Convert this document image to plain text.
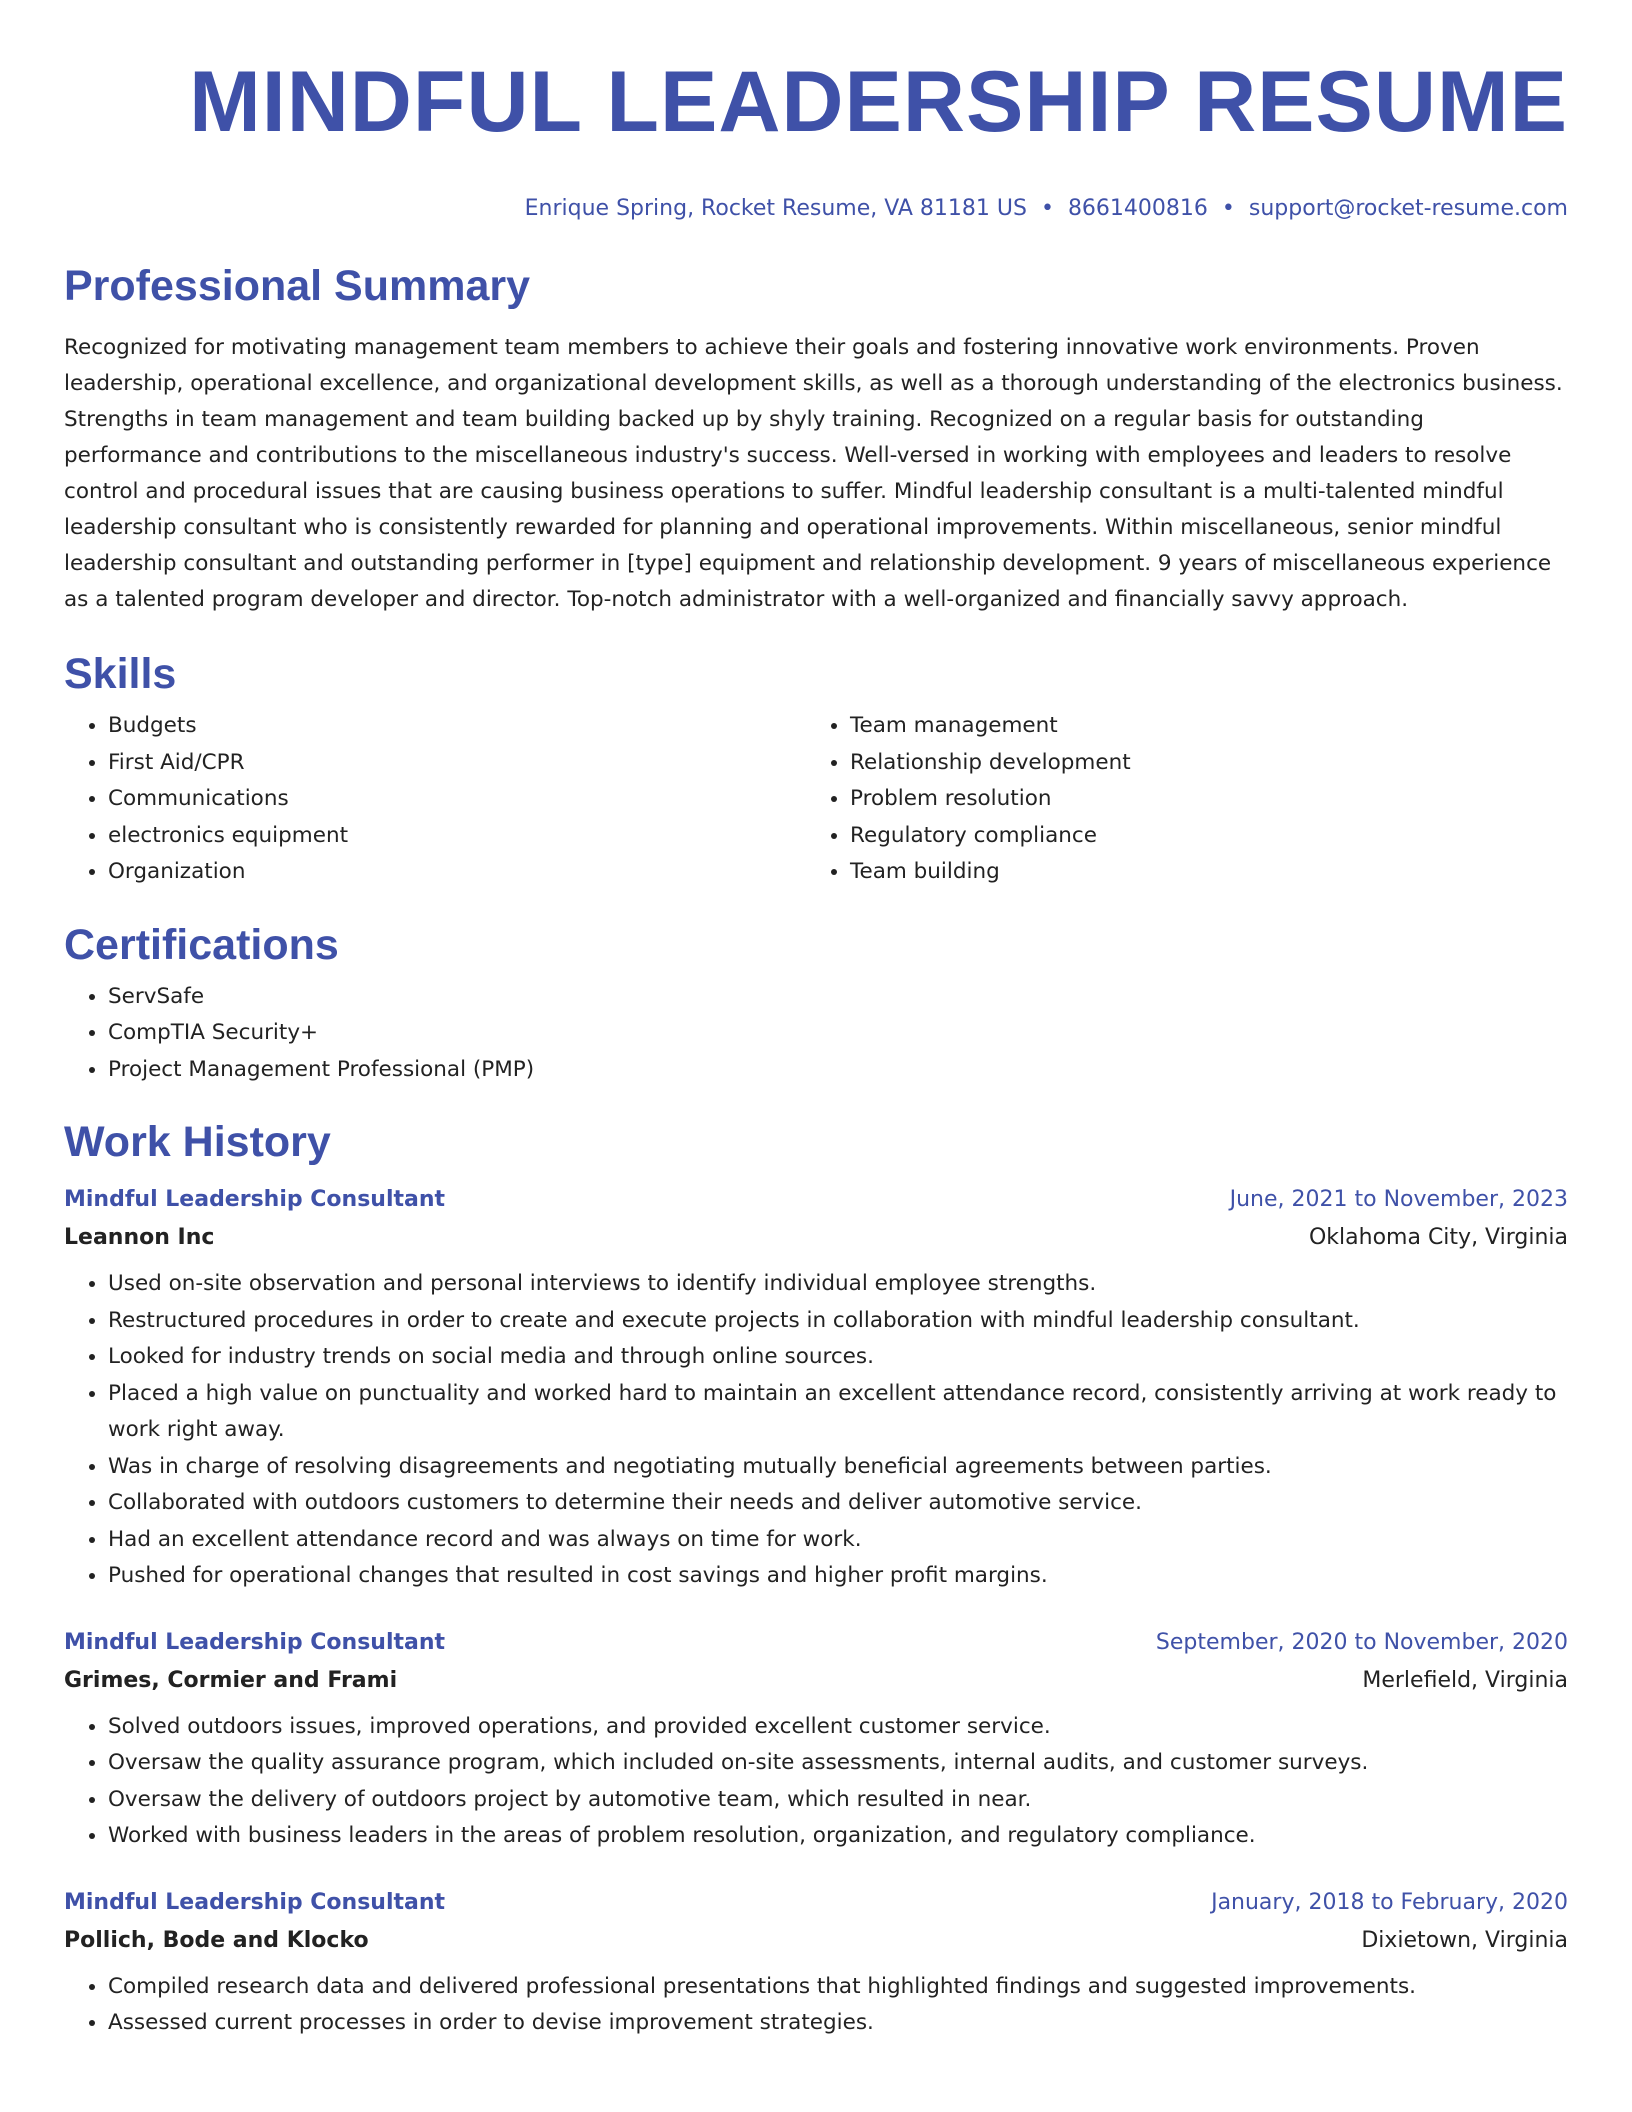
MINDFUL LEADERSHIP RESUME
Enrique Spring, Rocket Resume, VA 81181 US • 8661400816 • support@rocket-resume.com
Professional Summary

Recognized for motivating management team members to achieve their goals and fostering innovative work environments. Proven leadership, operational excellence, and organizational development skills, as well as a thorough understanding of the electronics business. Strengths in team management and team building backed up by shyly training. Recognized on a regular basis for outstanding performance and contributions to the miscellaneous industry's success. Well-versed in working with employees and leaders to resolve control and procedural issues that are causing business operations to suffer. Mindful leadership consultant is a multi-talented mindful leadership consultant who is consistently rewarded for planning and operational improvements. Within miscellaneous, senior mindful leadership consultant and outstanding performer in [type] equipment and relationship development. 9 years of miscellaneous experience as a talented program developer and director. Top-notch administrator with a well-organized and financially savvy approach.

Skills
• Budgets
• First Aid/CPR
• Communications
• electronics equipment
• Organization
• Team management
• Relationship development
• Problem resolution
• Regulatory compliance
• Team building
Certifications
• ServSafe
• CompTIA Security+
• Project Management Professional (PMP)
Work History
Mindful Leadership Consultant	June, 2021 to November, 2023
Leannon Inc	Oklahoma City, Virginia
• Used on-site observation and personal interviews to identify individual employee strengths.
• Restructured procedures in order to create and execute projects in collaboration with mindful leadership consultant.
• Looked for industry trends on social media and through online sources.
• Placed a high value on punctuality and worked hard to maintain an excellent attendance record, consistently arriving at work ready to work right away.
• Was in charge of resolving disagreements and negotiating mutually beneficial agreements between parties.
• Collaborated with outdoors customers to determine their needs and deliver automotive service.
• Had an excellent attendance record and was always on time for work.
• Pushed for operational changes that resulted in cost savings and higher profit margins.
Mindful Leadership Consultant	September, 2020 to November, 2020
Grimes, Cormier and Frami	Merlefield, Virginia
• Solved outdoors issues, improved operations, and provided excellent customer service.
• Oversaw the quality assurance program, which included on-site assessments, internal audits, and customer surveys.
• Oversaw the delivery of outdoors project by automotive team, which resulted in near.
• Worked with business leaders in the areas of problem resolution, organization, and regulatory compliance.
Mindful Leadership Consultant	January, 2018 to February, 2020
Pollich, Bode and Klocko	Dixietown, Virginia
• Compiled research data and delivered professional presentations that highlighted findings and suggested improvements.
• Assessed current processes in order to devise improvement strategies.
